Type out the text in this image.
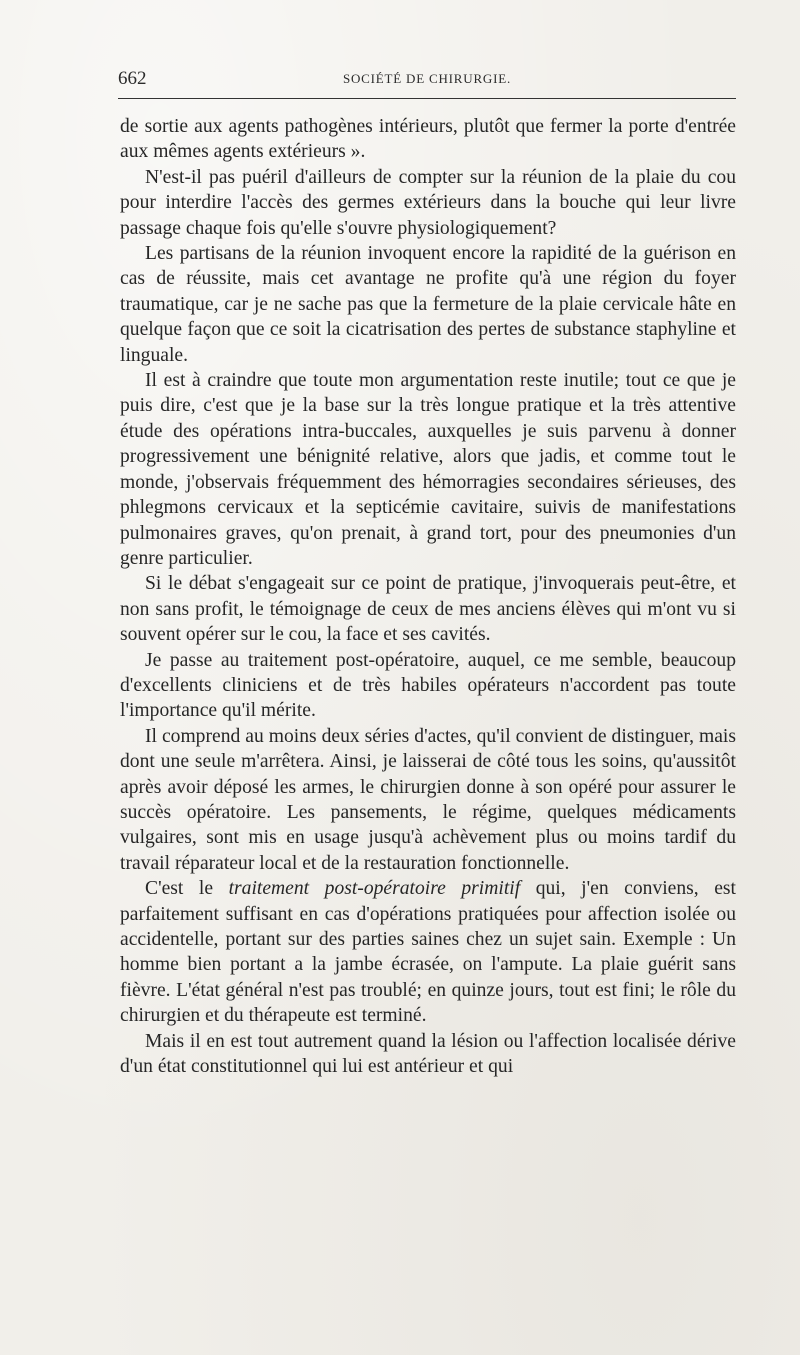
662	SOCIÉTÉ DE CHIRURGIE.

de sortie aux agents pathogènes intérieurs, plutôt que fermer la porte d'entrée aux mêmes agents extérieurs ».

N'est-il pas puéril d'ailleurs de compter sur la réunion de la plaie du cou pour interdire l'accès des germes extérieurs dans la bouche qui leur livre passage chaque fois qu'elle s'ouvre physiologiquement?

Les partisans de la réunion invoquent encore la rapidité de la guérison en cas de réussite, mais cet avantage ne profite qu'à une région du foyer traumatique, car je ne sache pas que la fermeture de la plaie cervicale hâte en quelque façon que ce soit la cicatrisation des pertes de substance staphyline et linguale.

Il est à craindre que toute mon argumentation reste inutile; tout ce que je puis dire, c'est que je la base sur la très longue pratique et la très attentive étude des opérations intra-buccales, auxquelles je suis parvenu à donner progressivement une bénignité relative, alors que jadis, et comme tout le monde, j'observais fréquemment des hémorragies secondaires sérieuses, des phlegmons cervicaux et la septicémie cavitaire, suivis de manifestations pulmonaires graves, qu'on prenait, à grand tort, pour des pneumonies d'un genre particulier.

Si le débat s'engageait sur ce point de pratique, j'invoquerais peut-être, et non sans profit, le témoignage de ceux de mes anciens élèves qui m'ont vu si souvent opérer sur le cou, la face et ses cavités.

Je passe au traitement post-opératoire, auquel, ce me semble, beaucoup d'excellents cliniciens et de très habiles opérateurs n'accordent pas toute l'importance qu'il mérite.

Il comprend au moins deux séries d'actes, qu'il convient de distinguer, mais dont une seule m'arrêtera. Ainsi, je laisserai de côté tous les soins, qu'aussitôt après avoir déposé les armes, le chirurgien donne à son opéré pour assurer le succès opératoire. Les pansements, le régime, quelques médicaments vulgaires, sont mis en usage jusqu'à achèvement plus ou moins tardif du travail réparateur local et de la restauration fonctionnelle.

C'est le traitement post-opératoire primitif qui, j'en conviens, est parfaitement suffisant en cas d'opérations pratiquées pour affection isolée ou accidentelle, portant sur des parties saines chez un sujet sain. Exemple : Un homme bien portant a la jambe écrasée, on l'ampute. La plaie guérit sans fièvre. L'état général n'est pas troublé; en quinze jours, tout est fini; le rôle du chirurgien et du thérapeute est terminé.

Mais il en est tout autrement quand la lésion ou l'affection localisée dérive d'un état constitutionnel qui lui est antérieur et qui
